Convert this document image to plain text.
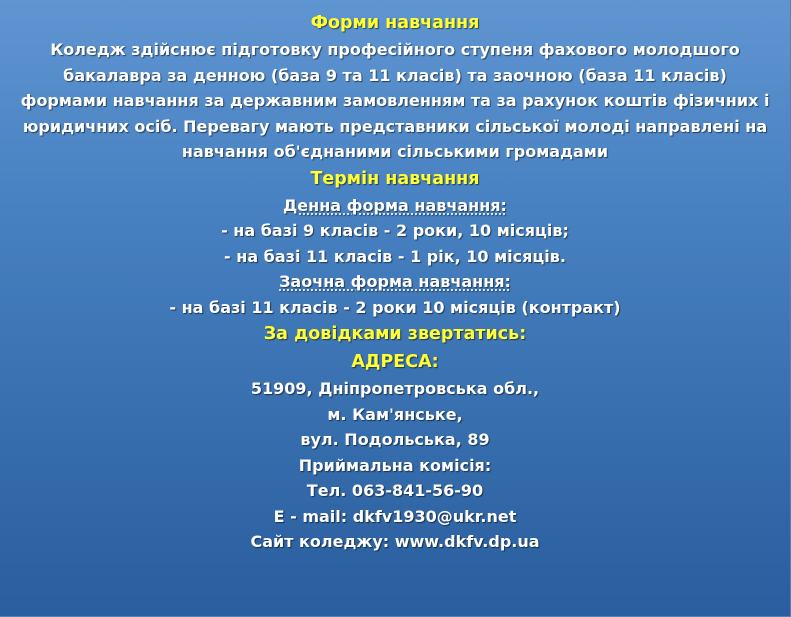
Форми навчання
Коледж здійснює підготовку професійного ступеня фахового молодшого
бакалавра за денною (база 9 та 11 класів) та заочною (база 11 класів)
формами навчання за державним замовленням та за рахунок коштів фізичних і
юридичних осіб. Перевагу мають представники сільської молоді направлені на
навчання об'єднаними сільськими громадами
Термін навчання
Денна форма навчання:
- на базі 9 класів - 2 роки, 10 місяців;
- на базі 11 класів - 1 рік, 10 місяців.
Заочна форма навчання:
- на базі 11 класів - 2 роки 10 місяців (контракт)
За довідками звертатись:
АДРЕСА:
51909, Дніпропетровська обл.,
м. Кам'янське,
вул. Подольська, 89
Приймальна комісія:
Тел. 063-841-56-90
E - mail: dkfv1930@ukr.net
Сайт коледжу: www.dkfv.dp.ua
